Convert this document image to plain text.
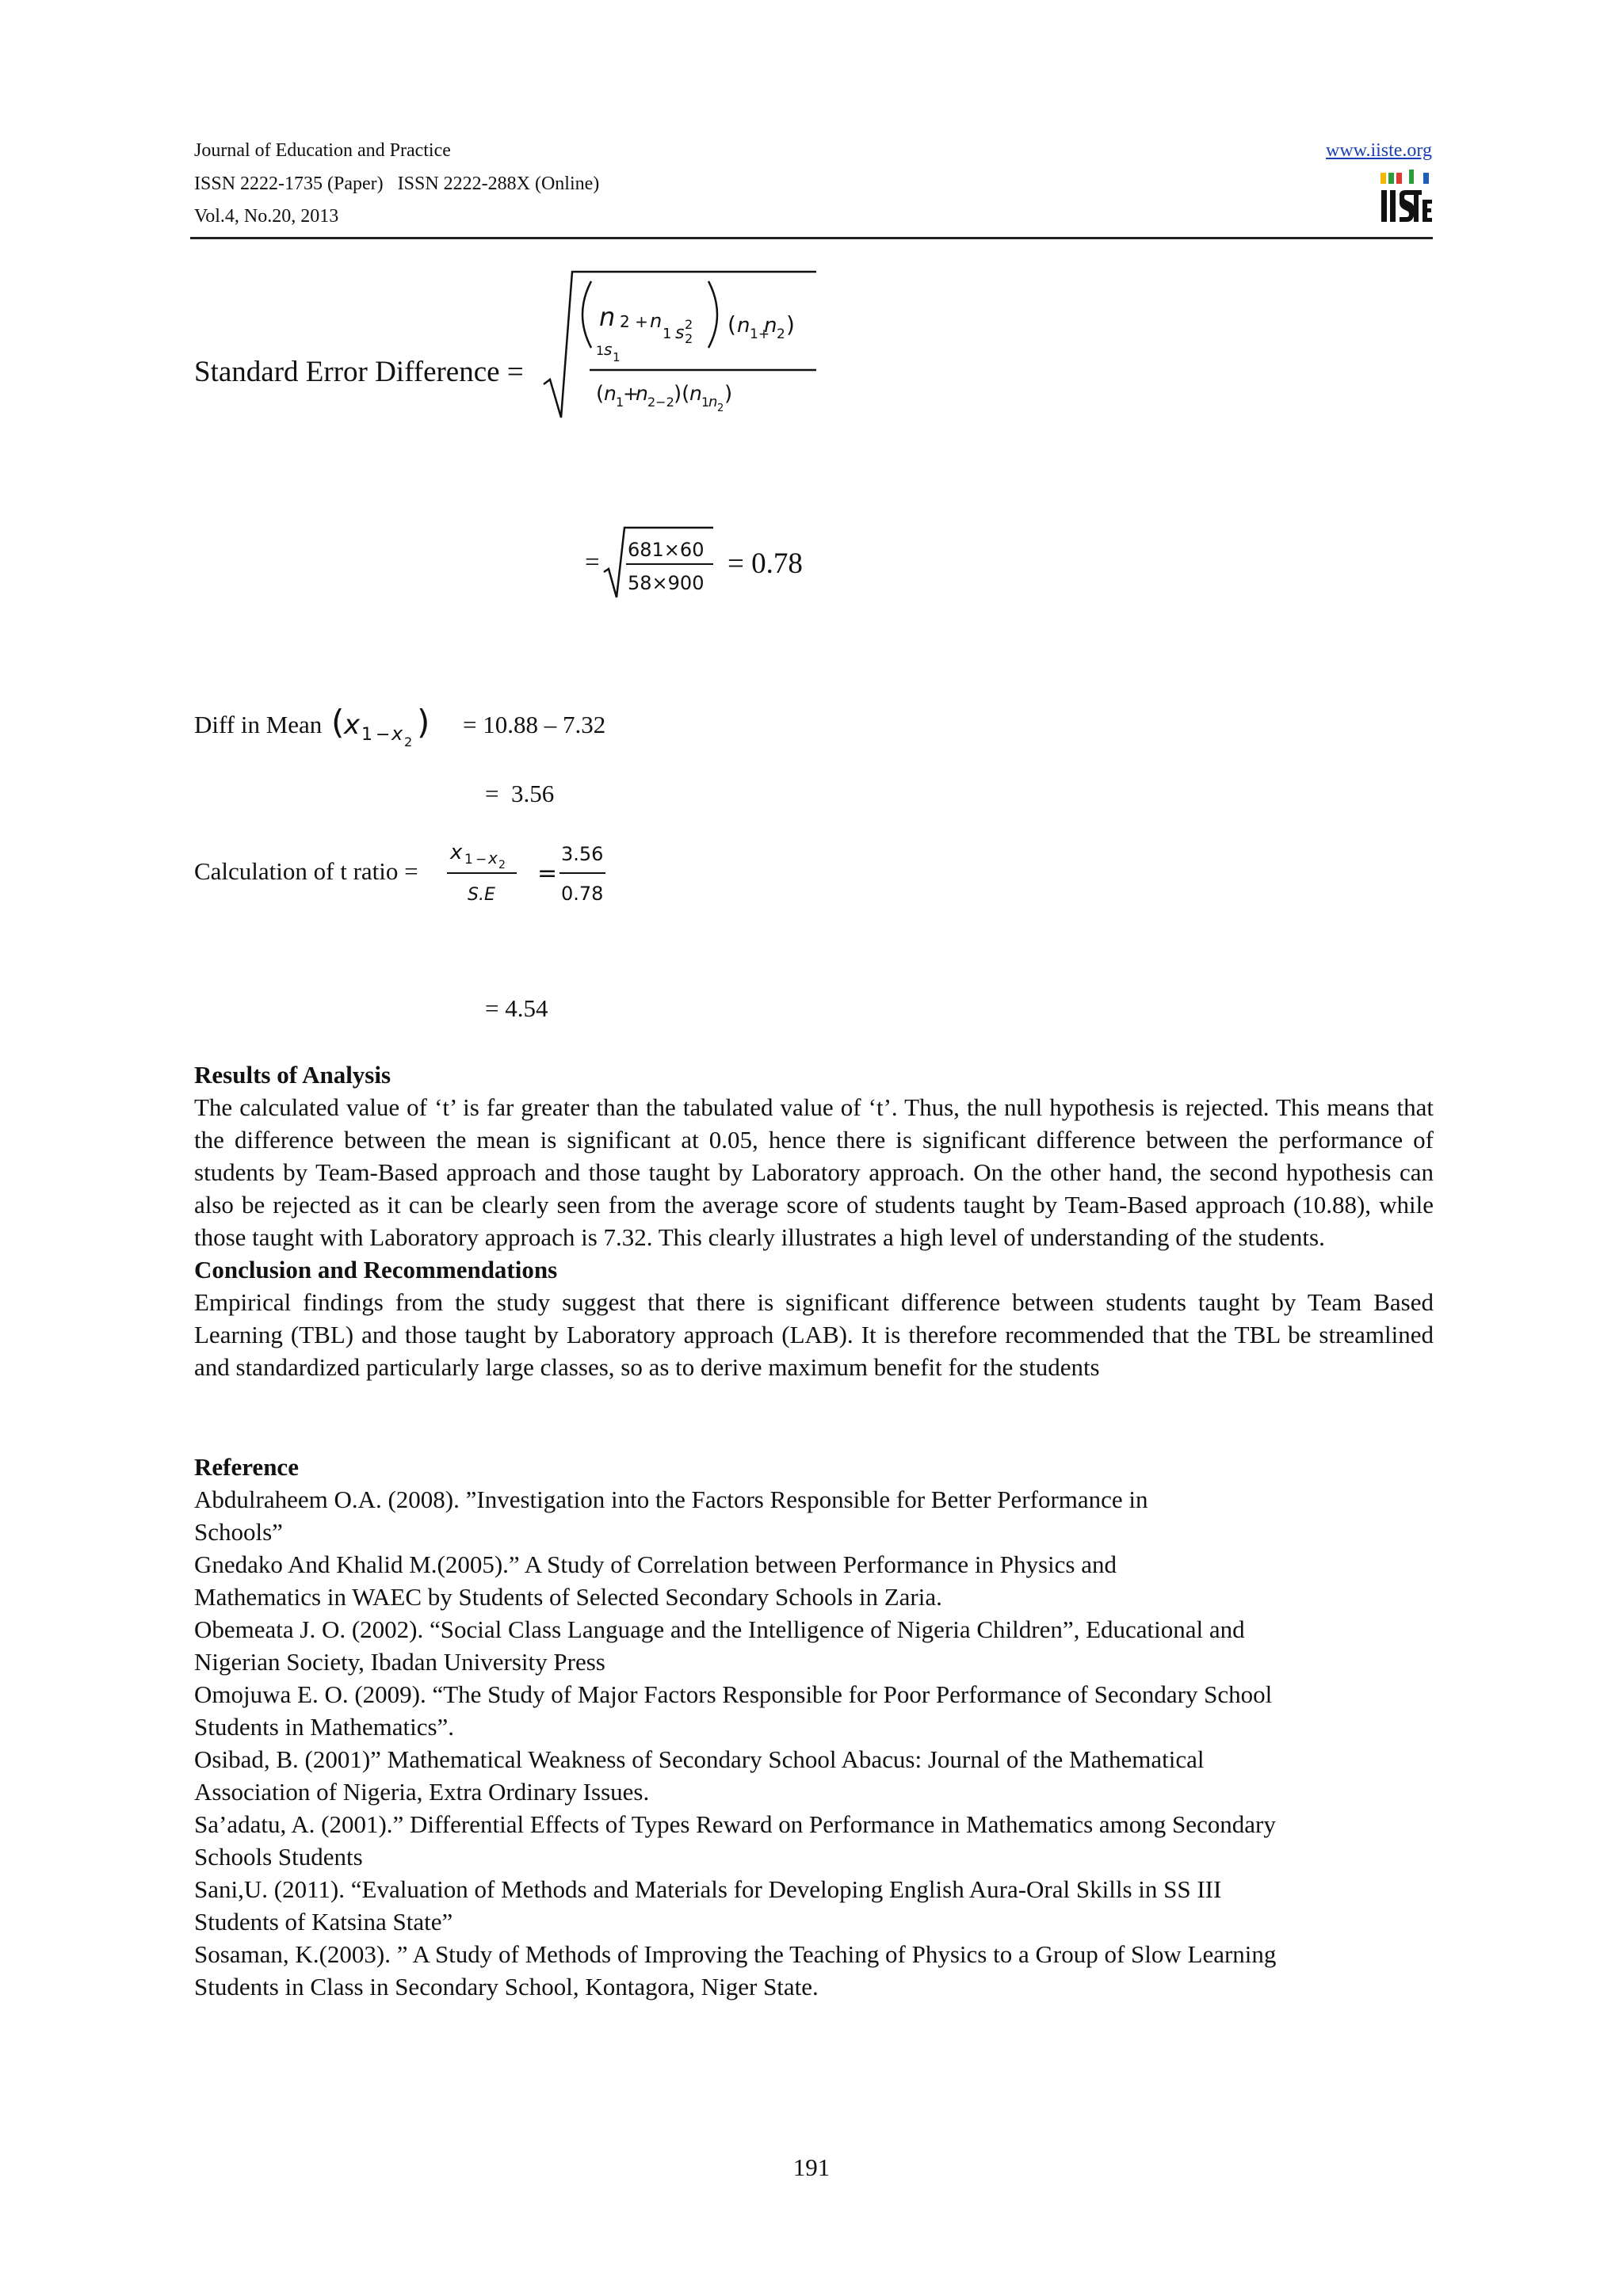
Journal of Education and Practice
ISSN 2222-1735 (Paper)   ISSN 2222-288X (Online)
Vol.4, No.20, 2013
www.iiste.org
Standard Error Difference =
n 2 + n
1 s 2
2
1 s 1
( n 1+
n 2 )
( n 1
+
n 2−2 )( n 1
n 2
)
= 681×60
58×900
= 0.78
Diff in Mean ( x 1 − x 2
) = 10.88 – 7.32
=  3.56
Calculation of t ratio =
x 1 − x 2
S.E
=
3.56
0.78
= 4.54
Results of Analysis
The calculated value of ‘t’ is far greater than the tabulated value of ‘t’. Thus, the null hypothesis is rejected. This means that the difference between the mean is significant at 0.05, hence there is significant difference between the performance of students by Team-Based approach and those taught by Laboratory approach. On the other hand, the second hypothesis can also be rejected as it can be clearly seen from the average score of students taught by Team-Based approach (10.88), while those taught with Laboratory approach is 7.32. This clearly illustrates a high level of understanding of the students.
Conclusion and Recommendations
Empirical findings from the study suggest that there is significant difference between students taught by Team Based Learning (TBL) and those taught by Laboratory approach (LAB). It is therefore recommended that the TBL be streamlined and standardized particularly large classes, so as to derive maximum benefit for the students
Reference
Abdulraheem O.A. (2008). ”Investigation into the Factors Responsible for Better Performance in
Schools”
Gnedako And Khalid M.(2005).” A Study of Correlation between Performance in Physics and
Mathematics in WAEC by Students of Selected Secondary Schools in Zaria.
Obemeata J. O. (2002). “Social Class Language and the Intelligence of Nigeria Children”, Educational and
Nigerian Society, Ibadan University Press
Omojuwa E. O. (2009). “The Study of Major Factors Responsible for Poor Performance of Secondary School
Students in Mathematics”.
Osibad, B. (2001)” Mathematical Weakness of Secondary School Abacus: Journal of the Mathematical
Association of Nigeria, Extra Ordinary Issues.
Sa’adatu, A. (2001).” Differential Effects of Types Reward on Performance in Mathematics among Secondary
Schools Students
Sani,U. (2011). “Evaluation of Methods and Materials for Developing English Aura-Oral Skills in SS III
Students of Katsina State”
Sosaman, K.(2003). ” A Study of Methods of Improving the Teaching of Physics to a Group of Slow Learning
Students in Class in Secondary School, Kontagora, Niger State.
191
